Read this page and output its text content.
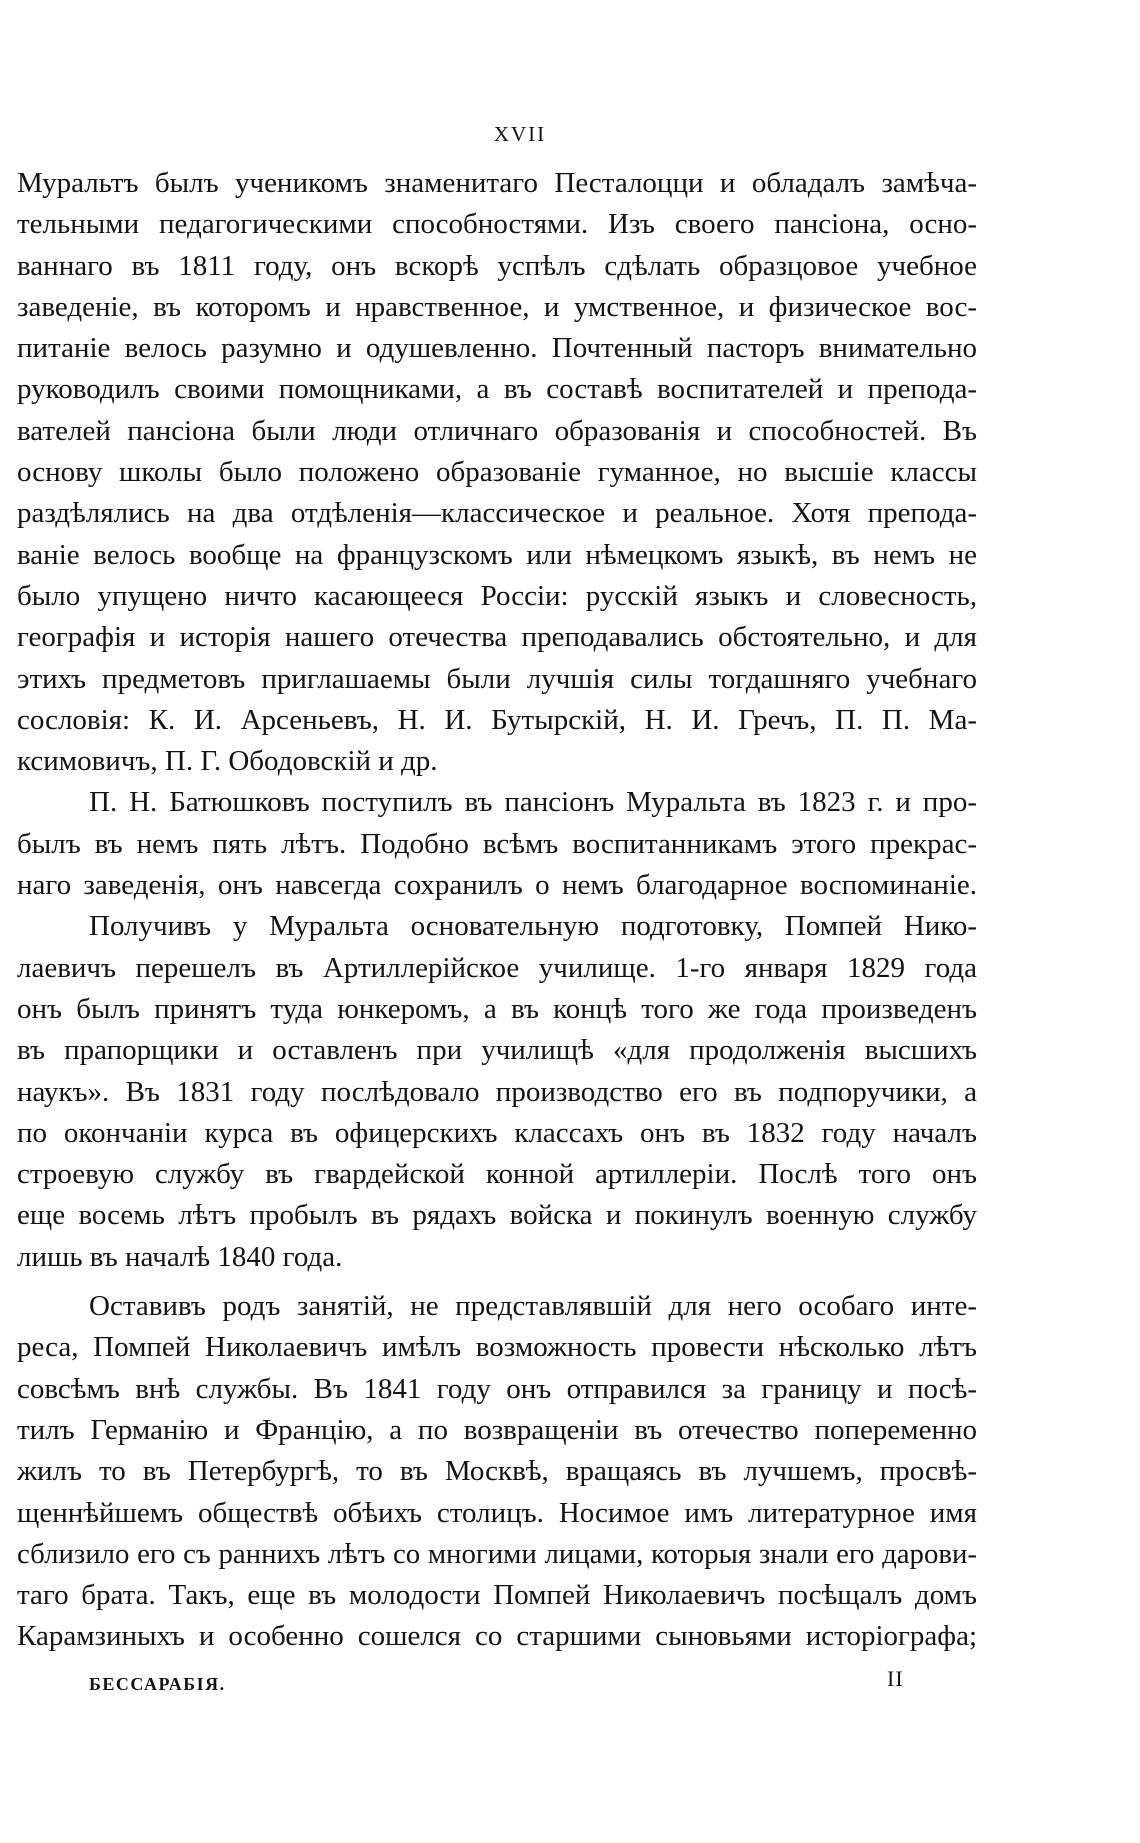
XVII
Муральтъ былъ ученикомъ знаменитаго Песталоцци и обладалъ замѣча-
тельными педагогическими способностями. Изъ своего пансіона, осно-
ваннаго въ 1811 году, онъ вскорѣ успѣлъ сдѣлать образцовое учебное
заведеніе, въ которомъ и нравственное, и умственное, и физическое вос-
питаніе велось разумно и одушевленно. Почтенный пасторъ внимательно
руководилъ своими помощниками, а въ составѣ воспитателей и препода-
вателей пансіона были люди отличнаго образованія и способностей. Въ
основу школы было положено образованіе гуманное, но высшіе классы
раздѣлялись на два отдѣленія—классическое и реальное. Хотя препода-
ваніе велось вообще на французскомъ или нѣмецкомъ языкѣ, въ немъ не
было упущено ничто касающееся Россіи: русскій языкъ и словесность,
географія и исторія нашего отечества преподавались обстоятельно, и для
этихъ предметовъ приглашаемы были лучшія силы тогдашняго учебнаго
сословія: К. И. Арсеньевъ, Н. И. Бутырскій, Н. И. Гречъ, П. П. Ма-
ксимовичъ, П. Г. Ободовскій и др.
П. Н. Батюшковъ поступилъ въ пансіонъ Муральта въ 1823 г. и про-
былъ въ немъ пять лѣтъ. Подобно всѣмъ воспитанникамъ этого прекрас-
наго заведенія, онъ навсегда сохранилъ о немъ благодарное воспоминаніе.
Получивъ у Муральта основательную подготовку, Помпей Нико-
лаевичъ перешелъ въ Артиллерійское училище. 1-го января 1829 года
онъ былъ принятъ туда юнкеромъ, а въ концѣ того же года произведенъ
въ прапорщики и оставленъ при училищѣ «для продолженія высшихъ
наукъ». Въ 1831 году послѣдовало производство его въ подпоручики, а
по окончаніи курса въ офицерскихъ классахъ онъ въ 1832 году началъ
строевую службу въ гвардейской конной артиллеріи. Послѣ того онъ
еще восемь лѣтъ пробылъ въ рядахъ войска и покинулъ военную службу
лишь въ началѣ 1840 года.
Оставивъ родъ занятій, не представлявшій для него особаго инте-
реса, Помпей Николаевичъ имѣлъ возможность провести нѣсколько лѣтъ
совсѣмъ внѣ службы. Въ 1841 году онъ отправился за границу и посѣ-
тилъ Германію и Францію, а по возвращеніи въ отечество попеременно
жилъ то въ Петербургѣ, то въ Москвѣ, вращаясь въ лучшемъ, просвѣ-
щеннѣйшемъ обществѣ обѣихъ столицъ. Носимое имъ литературное имя
сблизило его съ раннихъ лѣтъ со многими лицами, которыя знали его дарови-
таго брата. Такъ, еще въ молодости Помпей Николаевичъ посѣщалъ домъ
Карамзиныхъ и особенно сошелся со старшими сыновьями исторіографа;
БЕССАРАБІЯ.	II
